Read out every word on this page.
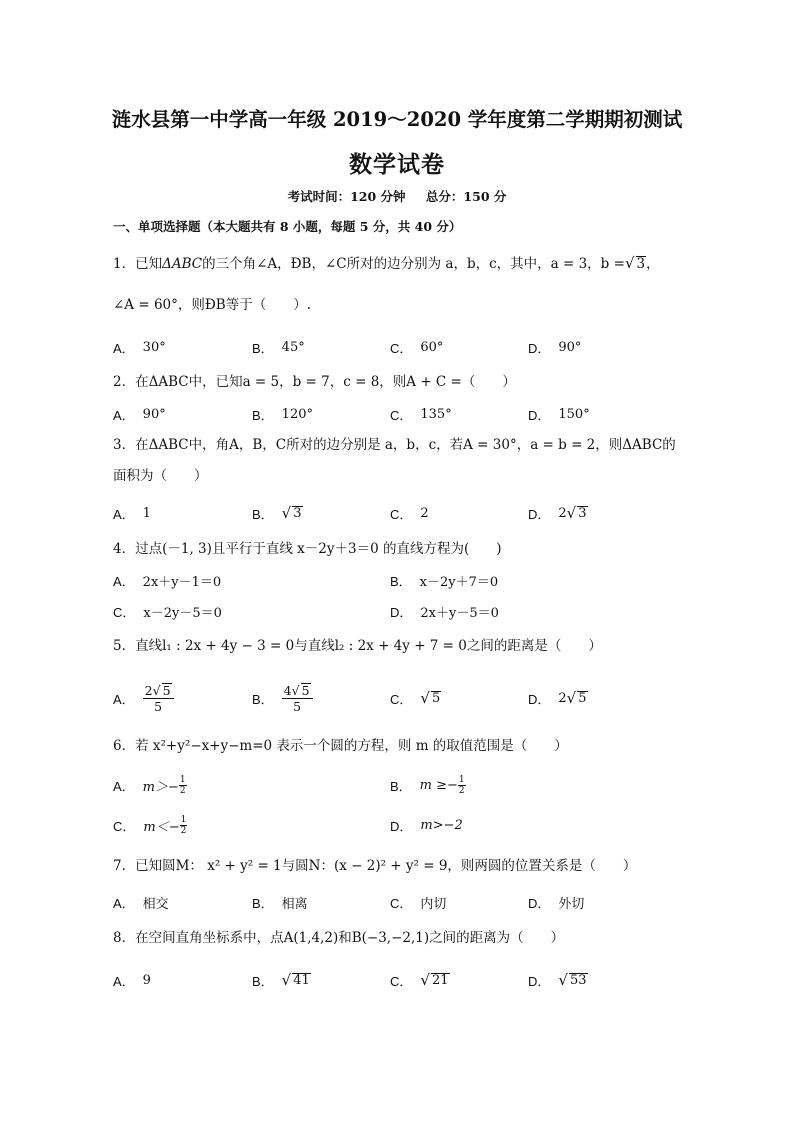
涟水县第一中学高一年级 2019～2020 学年度第二学期期初测试
数学试卷
考试时间：120 分钟 总分：150 分
一、单项选择题（本大题共有 8 小题，每题 5 分，共 40 分）
1．已知ΔABC的三个角∠A，ÐB，∠C所对的边分别为 a，b，c，其中，a = 3，b =√ 3，
∠A = 60°，则ÐB等于（　　）.
A． 30°	B． 45°	C． 60°	D． 90°
2．在ΔABC中，已知a = 5，b = 7，c = 8，则A + C =（　　）
A． 90°	B． 120°	C． 135°	D． 150°
3．在ΔABC中，角A，B，C所对的边分别是 a，b，c，若A = 30°，a = b = 2，则ΔABC的
面积为（　　）
A． 1	B． √ 3	C． 2	D． 2 √ 3
4．过点(－1, 3)且平行于直线 x－2y＋3＝0 的直线方程为(　　)
A． 2x＋y－1＝0	B． x－2y＋7＝0
C． x－2y－5＝0	D． 2x＋y－5＝0
5．直线l₁ : 2x + 4y − 3 = 0与直线l₂ : 2x + 4y + 7 = 0之间的距离是（　　）
A． $\frac{2√ 5}{5}$	B． $\frac{4√ 5}{5}$	C． √ 5	D． 2 √ 5
6．若 x²+y²−x+y−m=0 表示一个圆的方程，则 m 的取值范围是（　　）
A． $m>- \frac{1}{2}$	B． $m \ge- \frac{1}{2}$
C． $m<- \frac{1}{2}$	D． m>−2
7．已知圆M： x² + y² = 1与圆N：(x − 2)² + y² = 9，则两圆的位置关系是（　　）
A． 相交	B． 相离	C． 内切	D． 外切
8．在空间直角坐标系中，点A(1,4,2)和B(−3,−2,1)之间的距离为（　　）
A． 9	B． √ 41	C． √ 21	D． √ 53
